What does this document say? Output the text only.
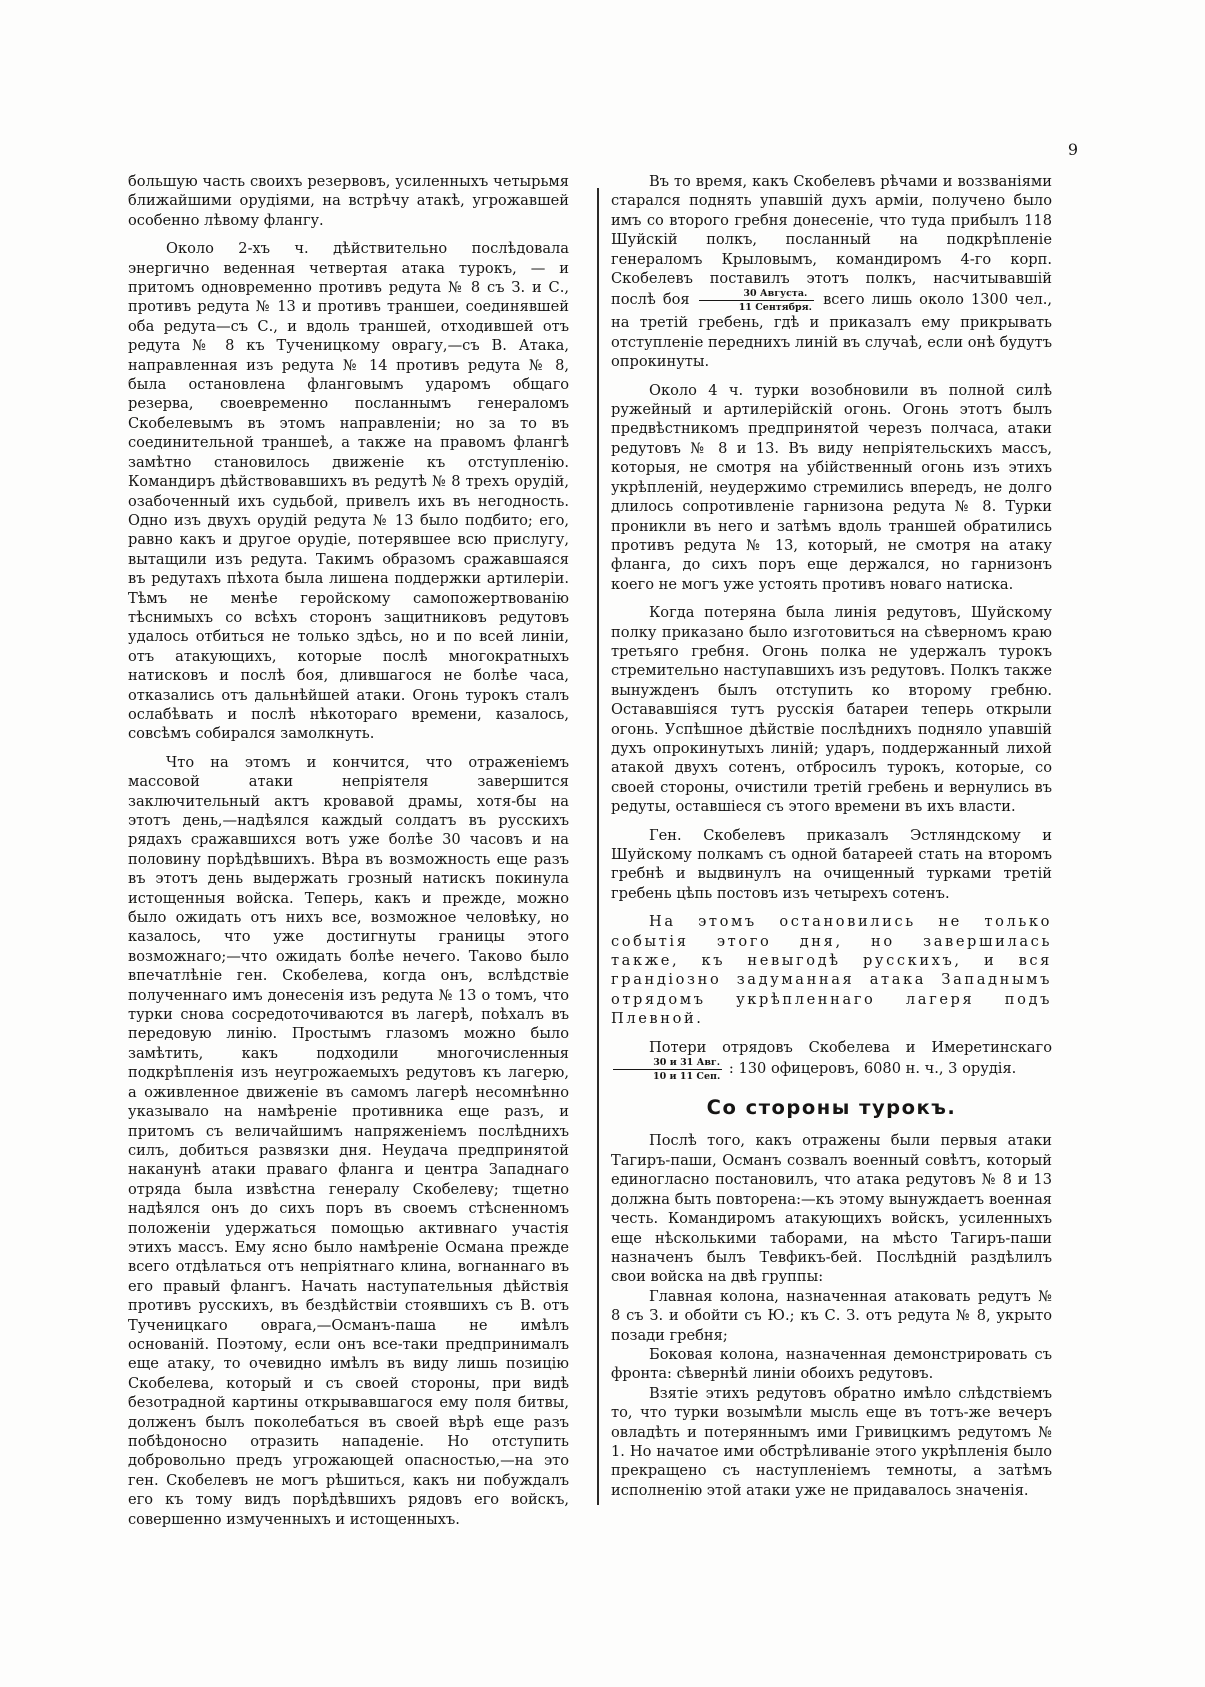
9

большую часть своихъ резервовъ, усиленныхъ четырьмя ближайшими орудіями, на встрѣчу атакѣ, угрожавшей особенно лѣвому флангу.

Около 2-хъ ч. дѣйствительно послѣдовала энергично веденная четвертая атака турокъ, — и притомъ одновременно противъ редута № 8 съ З. и С., противъ редута № 13 и противъ траншеи, соединявшей оба редута—съ С., и вдоль траншей, отходившей отъ редута № 8 къ Тученицкому оврагу,—съ В. Атака, направленная изъ редута № 14 противъ редута № 8, была остановлена фланговымъ ударомъ общаго резерва, своевременно посланнымъ генераломъ Скобелевымъ въ этомъ направленіи; но за то въ соединительной траншеѣ, а также на правомъ флангѣ замѣтно становилось движеніе къ отступленію. Командиръ дѣйствовавшихъ въ редутѣ № 8 трехъ орудій, озабоченный ихъ судьбой, привелъ ихъ въ негодность. Одно изъ двухъ орудій редута № 13 было подбито; его, равно какъ и другое орудіе, потерявшее всю прислугу, вытащили изъ редута. Такимъ образомъ сражавшаяся въ редутахъ пѣхота была лишена поддержки артилеріи. Тѣмъ не менѣе геройскому самопожертвованію тѣснимыхъ со всѣхъ сторонъ защитниковъ редутовъ удалось отбиться не только здѣсь, но и по всей линіи, отъ атакующихъ, которые послѣ многократныхъ натисковъ и послѣ боя, длившагося не болѣе часа, отказались отъ дальнѣйшей атаки. Огонь турокъ сталъ ослабѣвать и послѣ нѣкотораго времени, казалось, совсѣмъ собирался замолкнуть.

Что на этомъ и кончится, что отраженіемъ массовой атаки непріятеля завершится заключительный актъ кровавой драмы, хотя-бы на этотъ день,—надѣялся каждый солдатъ въ русскихъ рядахъ сражавшихся вотъ уже болѣе 30 часовъ и на половину порѣдѣвшихъ. Вѣра въ возможность еще разъ въ этотъ день выдержать грозный натискъ покинула истощенныя войска. Теперь, какъ и прежде, можно было ожидать отъ нихъ все, возможное человѣку, но казалось, что уже достигнуты границы этого возможнаго;—что ожидать болѣе нечего. Таково было впечатлѣніе ген. Скобелева, когда онъ, вслѣдствіе полученнаго имъ донесенія изъ редута № 13 о томъ, что турки снова сосредоточиваются въ лагерѣ, поѣхалъ въ передовую линію. Простымъ глазомъ можно было замѣтить, какъ подходили многочисленныя подкрѣпленія изъ неугрожаемыхъ редутовъ къ лагерю, а оживленное движеніе въ самомъ лагерѣ несомнѣнно указывало на намѣреніе противника еще разъ, и притомъ съ величайшимъ напряженіемъ послѣднихъ силъ, добиться развязки дня. Неудача предпринятой наканунѣ атаки праваго фланга и центра Западнаго отряда была извѣстна генералу Скобелеву; тщетно надѣялся онъ до сихъ поръ въ своемъ стѣсненномъ положеніи удержаться помощью активнаго участія этихъ массъ. Ему ясно было намѣреніе Османа прежде всего отдѣлаться отъ непріятнаго клина, вогнаннаго въ его правый флангъ. Начать наступательныя дѣйствія противъ русскихъ, въ бездѣйствіи стоявшихъ съ В. отъ Тученицкаго оврага,—Османъ-паша не имѣлъ основаній. Поэтому, если онъ все-таки предпринималъ еще атаку, то очевидно имѣлъ въ виду лишь позицію Скобелева, который и съ своей стороны, при видѣ безотрадной картины открывавшагося ему поля битвы, долженъ былъ поколебаться въ своей вѣрѣ еще разъ побѣдоносно отразить нападеніе. Но отступить добровольно предъ угрожающей опасностью,—на это ген. Скобелевъ не могъ рѣшиться, какъ ни побуждалъ его къ тому видъ порѣдѣвшихъ рядовъ его войскъ, совершенно измученныхъ и истощенныхъ.

Въ то время, какъ Скобелевъ рѣчами и воззваніями старался поднять упавшій духъ арміи, получено было имъ со второго гребня донесеніе, что туда прибылъ 118 Шуйскій полкъ, посланный на подкрѣпленіе генераломъ Крыловымъ, командиромъ 4-го корп. Скобелевъ поставилъ этотъ полкъ, насчитывавшій послѣ боя $\frac{\text{30 Августа.}}{\text{11 Сентября.}}$ всего лишь около 1300 чел., на третій гребень, гдѣ и приказалъ ему прикрывать отступленіе переднихъ линій въ случаѣ, если онѣ будутъ опрокинуты.

Около 4 ч. турки возобновили въ полной силѣ ружейный и артилерійскій огонь. Огонь этотъ былъ предвѣстникомъ предпринятой черезъ полчаса, атаки редутовъ № 8 и 13. Въ виду непріятельскихъ массъ, которыя, не смотря на убійственный огонь изъ этихъ укрѣпленій, неудержимо стремились впередъ, не долго длилось сопротивленіе гарнизона редута № 8. Турки проникли въ него и затѣмъ вдоль траншей обратились противъ редута № 13, который, не смотря на атаку фланга, до сихъ поръ еще держался, но гарнизонъ коего не могъ уже устоять противъ новаго натиска.

Когда потеряна была линія редутовъ, Шуйскому полку приказано было изготовиться на сѣверномъ краю третьяго гребня. Огонь полка не удержалъ турокъ стремительно наступавшихъ изъ редутовъ. Полкъ также вынужденъ былъ отступить ко второму гребню. Остававшіяся тутъ русскія батареи теперь открыли огонь. Успѣшное дѣйствіе послѣднихъ подняло упавшій духъ опрокинутыхъ линій; ударъ, поддержанный лихой атакой двухъ сотенъ, отбросилъ турокъ, которые, со своей стороны, очистили третій гребень и вернулись въ редуты, оставшіеся съ этого времени въ ихъ власти.

Ген. Скобелевъ приказалъ Эстляндскому и Шуйскому полкамъ съ одной батареей стать на второмъ гребнѣ и выдвинулъ на очищенный турками третій гребень цѣпь постовъ изъ четырехъ сотенъ.

На этомъ остановились не только событія этого дня, но завершилась также, къ невыгодѣ русскихъ, и вся грандіозно задуманная атака Западнымъ отрядомъ укрѣпленнаго лагеря подъ Плевной.

Потери отрядовъ Скобелева и Имеретинскаго
$\frac{\text{30 и 31 Авг.}}{\text{10 и 11 Сеп.}}$ : 130 офицеровъ, 6080 н. ч., 3 орудія.

Со стороны турокъ.

Послѣ того, какъ отражены были первыя атаки Тагиръ-паши, Османъ созвалъ военный совѣтъ, который единогласно постановилъ, что атака редутовъ № 8 и 13 должна быть повторена:—къ этому вынуждаетъ военная честь. Командиромъ атакующихъ войскъ, усиленныхъ еще нѣсколькими таборами, на мѣсто Тагиръ-паши назначенъ былъ Тевфикъ-бей. Послѣдній раздѣлилъ свои войска на двѣ группы:

Главная колона, назначенная атаковать редутъ № 8 съ З. и обойти съ Ю.; къ С. З. отъ редута № 8, укрыто позади гребня;

Боковая колона, назначенная демонстрировать съ фронта: сѣвернѣй линіи обоихъ редутовъ.

Взятіе этихъ редутовъ обратно имѣло слѣдствіемъ то, что турки возымѣли мысль еще въ тотъ-же вечеръ овладѣть и потеряннымъ ими Гривицкимъ редутомъ № 1. Но начатое ими обстрѣливаніе этого укрѣпленія было прекращено съ наступленіемъ темноты, а затѣмъ исполненію этой атаки уже не придавалось значенія.
